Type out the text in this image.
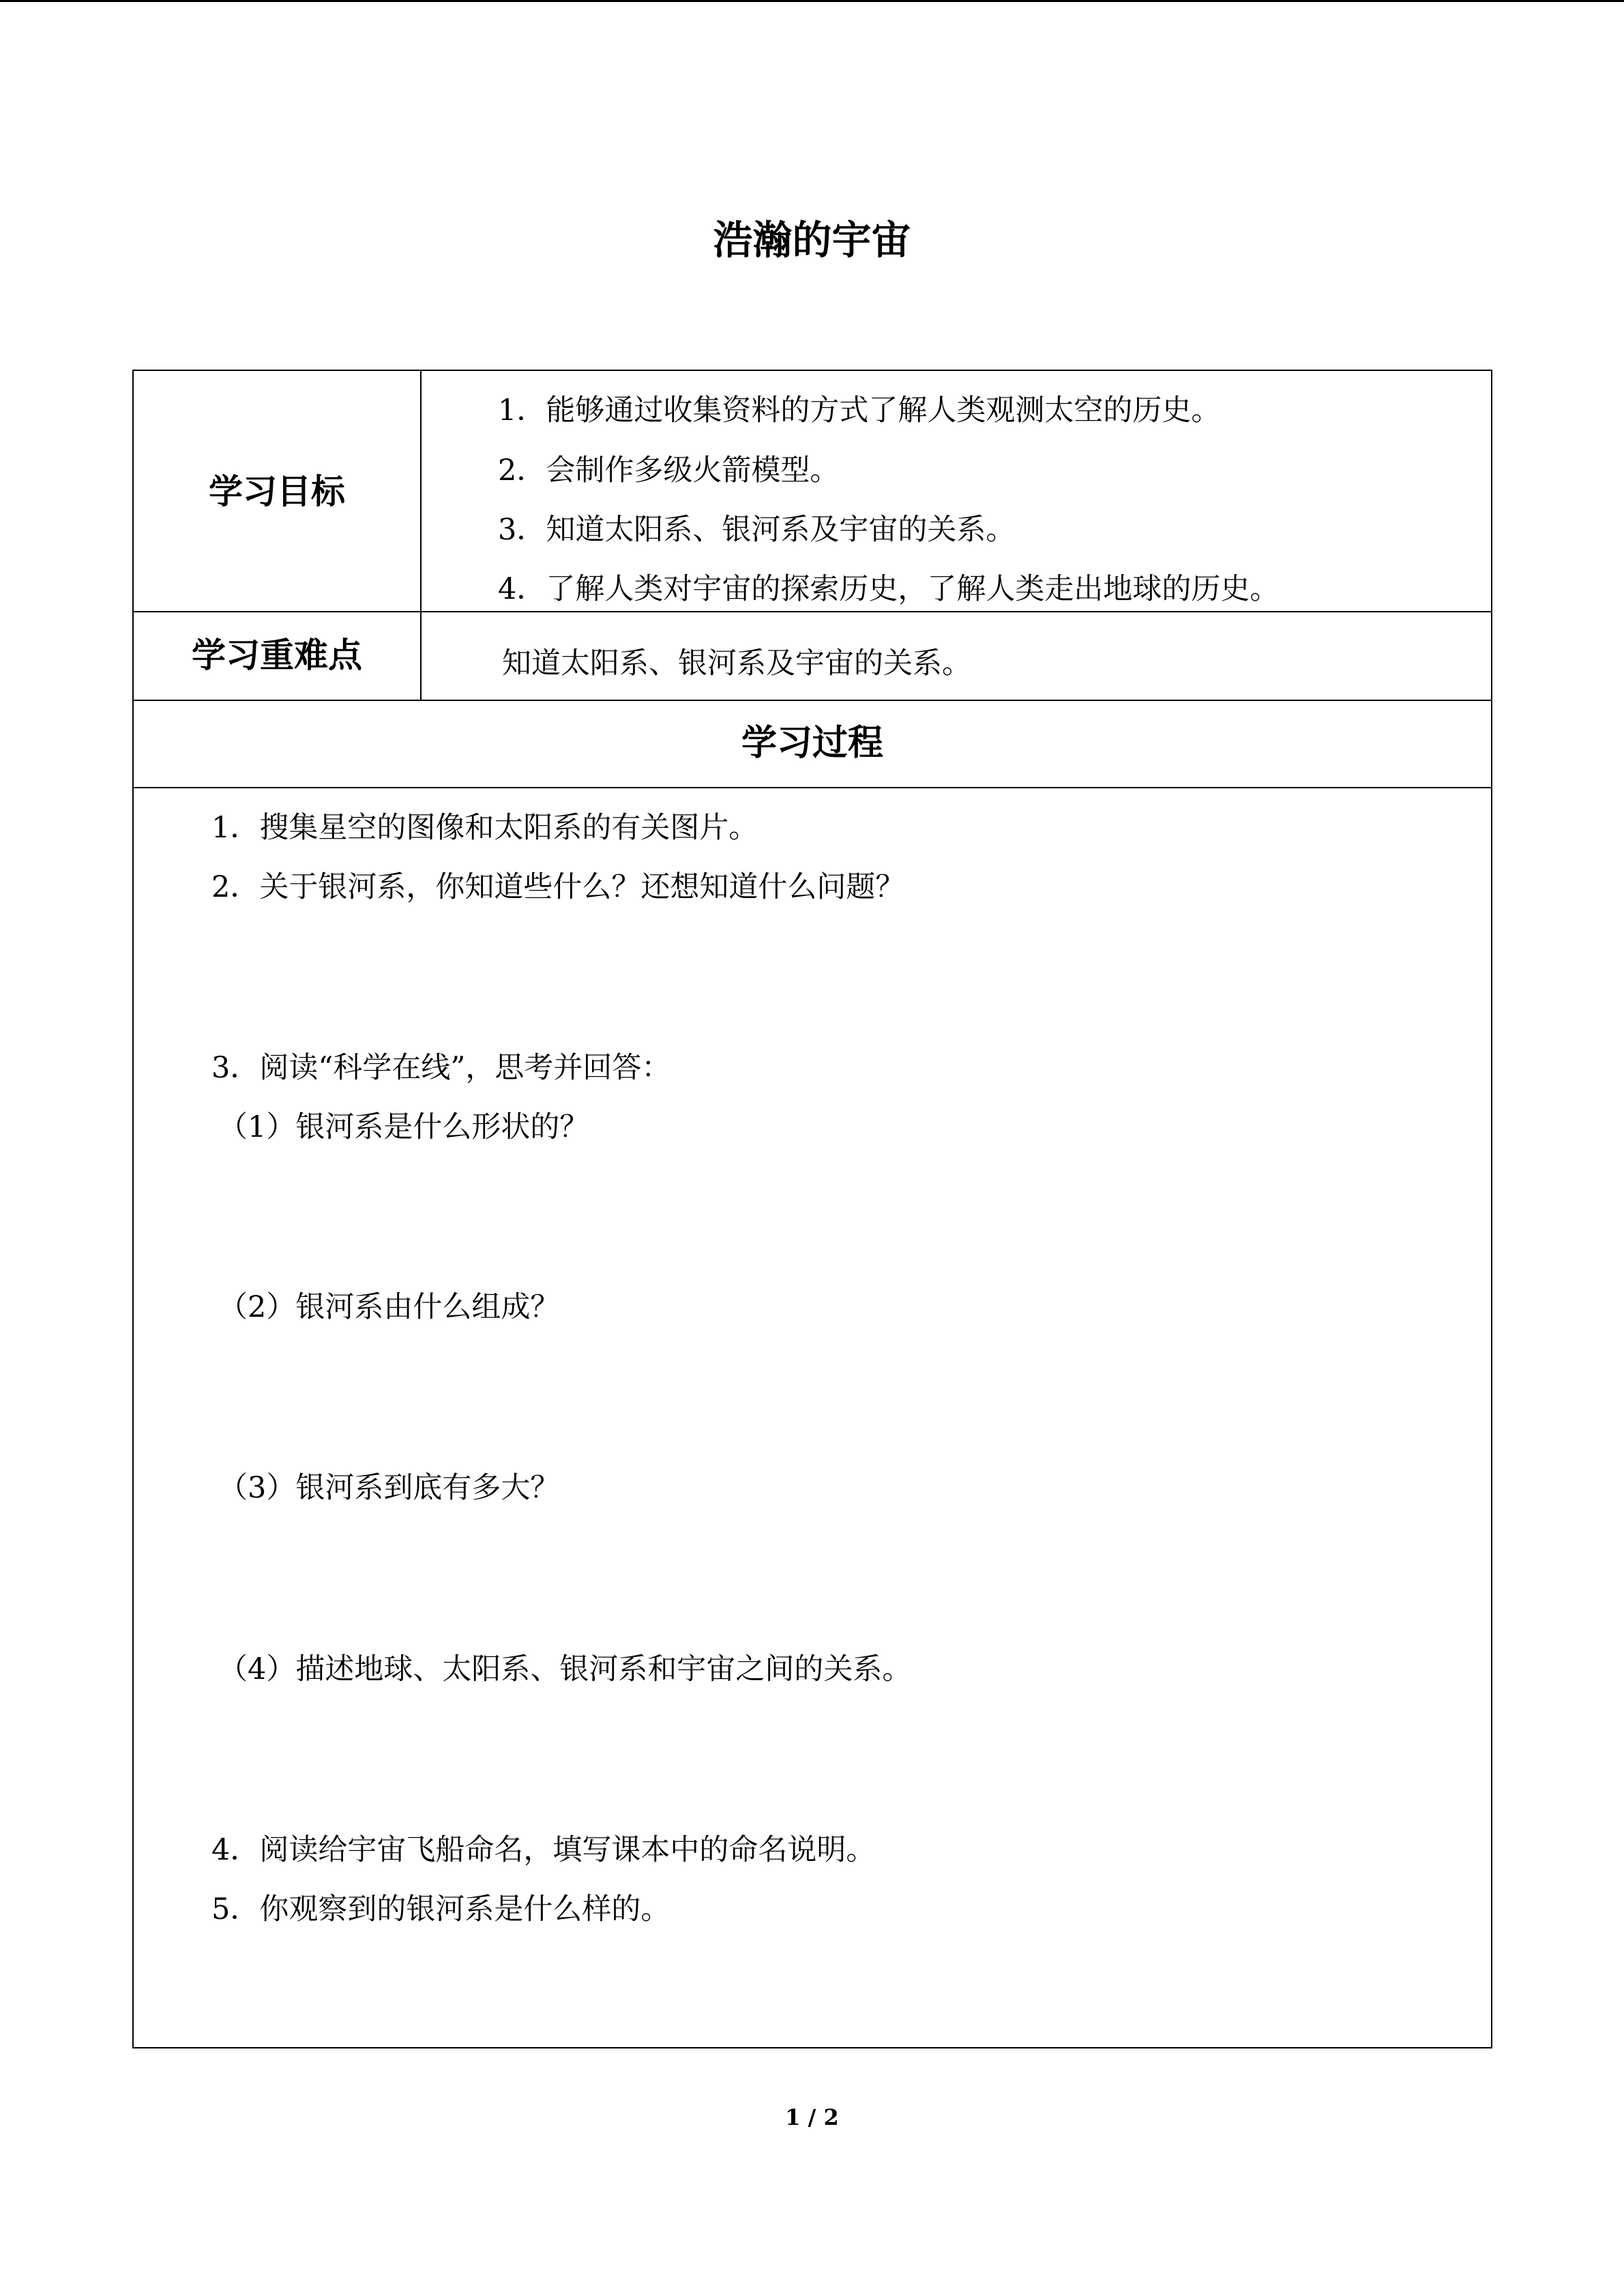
浩瀚的宇宙
学习目标
1．能够通过收集资料的方式了解人类观测太空的历史。
2．会制作多级火箭模型。
3．知道太阳系、银河系及宇宙的关系。
4．了解人类对宇宙的探索历史，了解人类走出地球的历史。
学习重难点	知道太阳系、银河系及宇宙的关系。
学习过程
1．搜集星空的图像和太阳系的有关图片。
2．关于银河系，你知道些什么？还想知道什么问题？
3．阅读“科学在线”，思考并回答：
（1）银河系是什么形状的？
（2）银河系由什么组成？
（3）银河系到底有多大？
（4）描述地球、太阳系、银河系和宇宙之间的关系。
4．阅读给宇宙飞船命名，填写课本中的命名说明。
5．你观察到的银河系是什么样的。
1 / 2
